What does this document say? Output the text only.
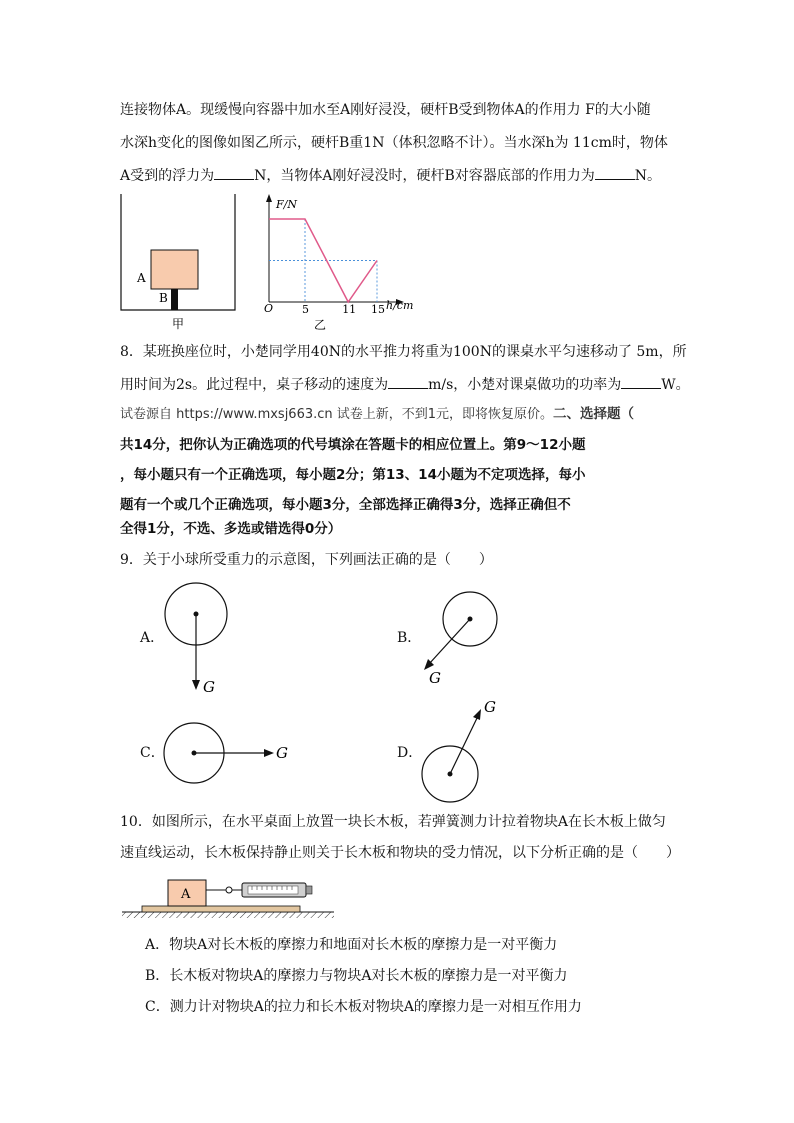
连接物体A。现缓慢向容器中加水至A刚好浸没，硬杆B受到物体A的作用力 F的大小随
水深h变化的图像如图乙所示，硬杆B重1N（体积忽略不计）。当水深h为 11cm时，物体
A受到的浮力为	N，当物体A刚好浸没时，硬杆B对容器底部的作用力为	N。
A
B
甲
F/N
h/cm
O	5	11 15
乙
8．某班换座位时，小楚同学用40N的水平推力将重为100N的课桌水平匀速移动了 5m，所
用时间为2s。此过程中，桌子移动的速度为	m/s，小楚对课桌做功的功率为	W。
试卷源自 https://www.mxsj663.cn 试卷上新，不到1元，即将恢复原价。二、选择题（
共14分，把你认为正确选项的代号填涂在答题卡的相应位置上。第9～12小题
，每小题只有一个正确选项，每小题2分；第13、14小题为不定项选择，每小
题有一个或几个正确选项，每小题3分，全部选择正确得3分，选择正确但不
全得1分，不选、多选或错选得0分）
9．关于小球所受重力的示意图，下列画法正确的是（　　）
A．
G
B．
G
C．	G	D．
G
10．如图所示，在水平桌面上放置一块长木板，若弹簧测力计拉着物块A在长木板上做匀
速直线运动，长木板保持静止则关于长木板和物块的受力情况，以下分析正确的是（　　）
A
A．物块A对长木板的摩擦力和地面对长木板的摩擦力是一对平衡力
B．长木板对物块A的摩擦力与物块A对长木板的摩擦力是一对平衡力
C．测力计对物块A的拉力和长木板对物块A的摩擦力是一对相互作用力
